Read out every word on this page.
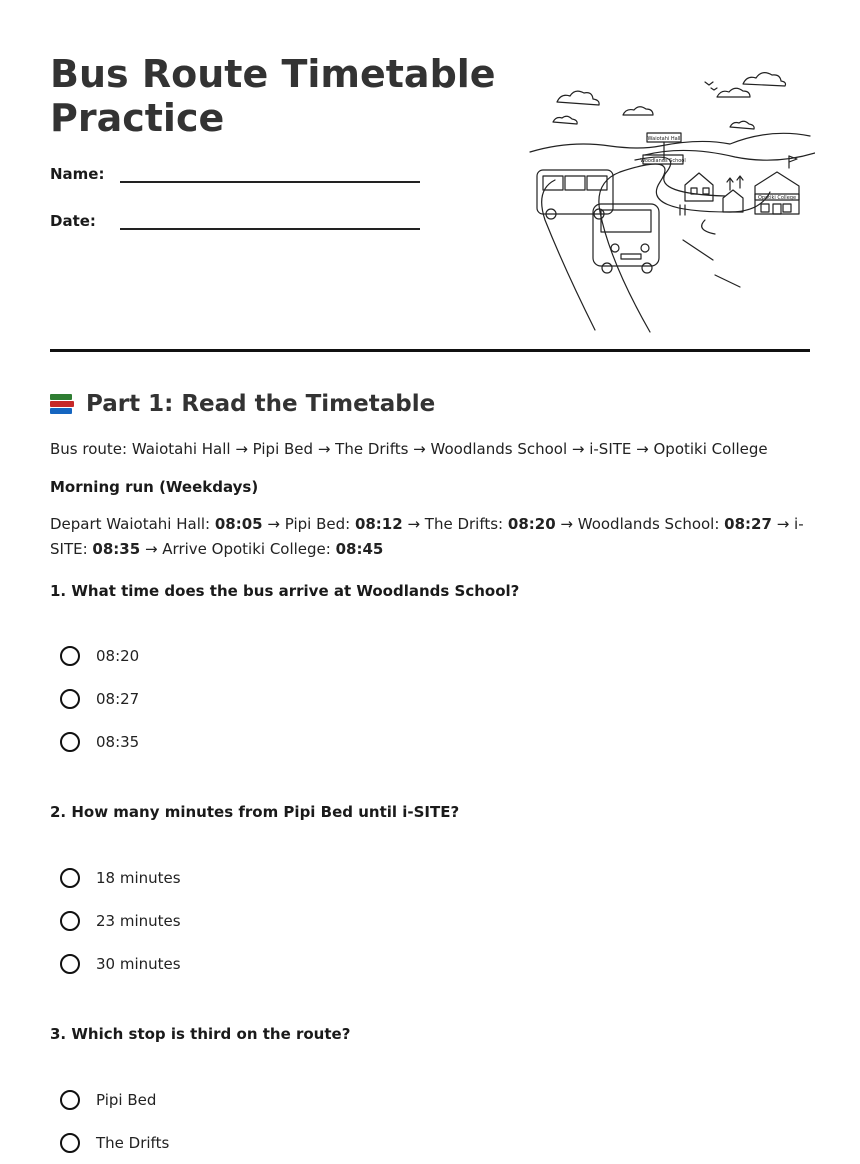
Bus Route Timetable Practice
Name:
Date:
Waiotahi Hall
Woodlands School
Opotiki College
Part 1: Read the Timetable

Bus route: Waiotahi Hall → Pipi Bed → The Drifts → Woodlands School → i-SITE → Opotiki College

Morning run (Weekdays)

Depart Waiotahi Hall: 08:05 → Pipi Bed: 08:12 → The Drifts: 08:20 → Woodlands School: 08:27 → i-SITE: 08:35 → Arrive Opotiki College: 08:45

1. What time does the bus arrive at Woodlands School?

08:20
08:27
08:35

2. How many minutes from Pipi Bed until i-SITE?

18 minutes
23 minutes
30 minutes

3. Which stop is third on the route?

Pipi Bed
The Drifts
